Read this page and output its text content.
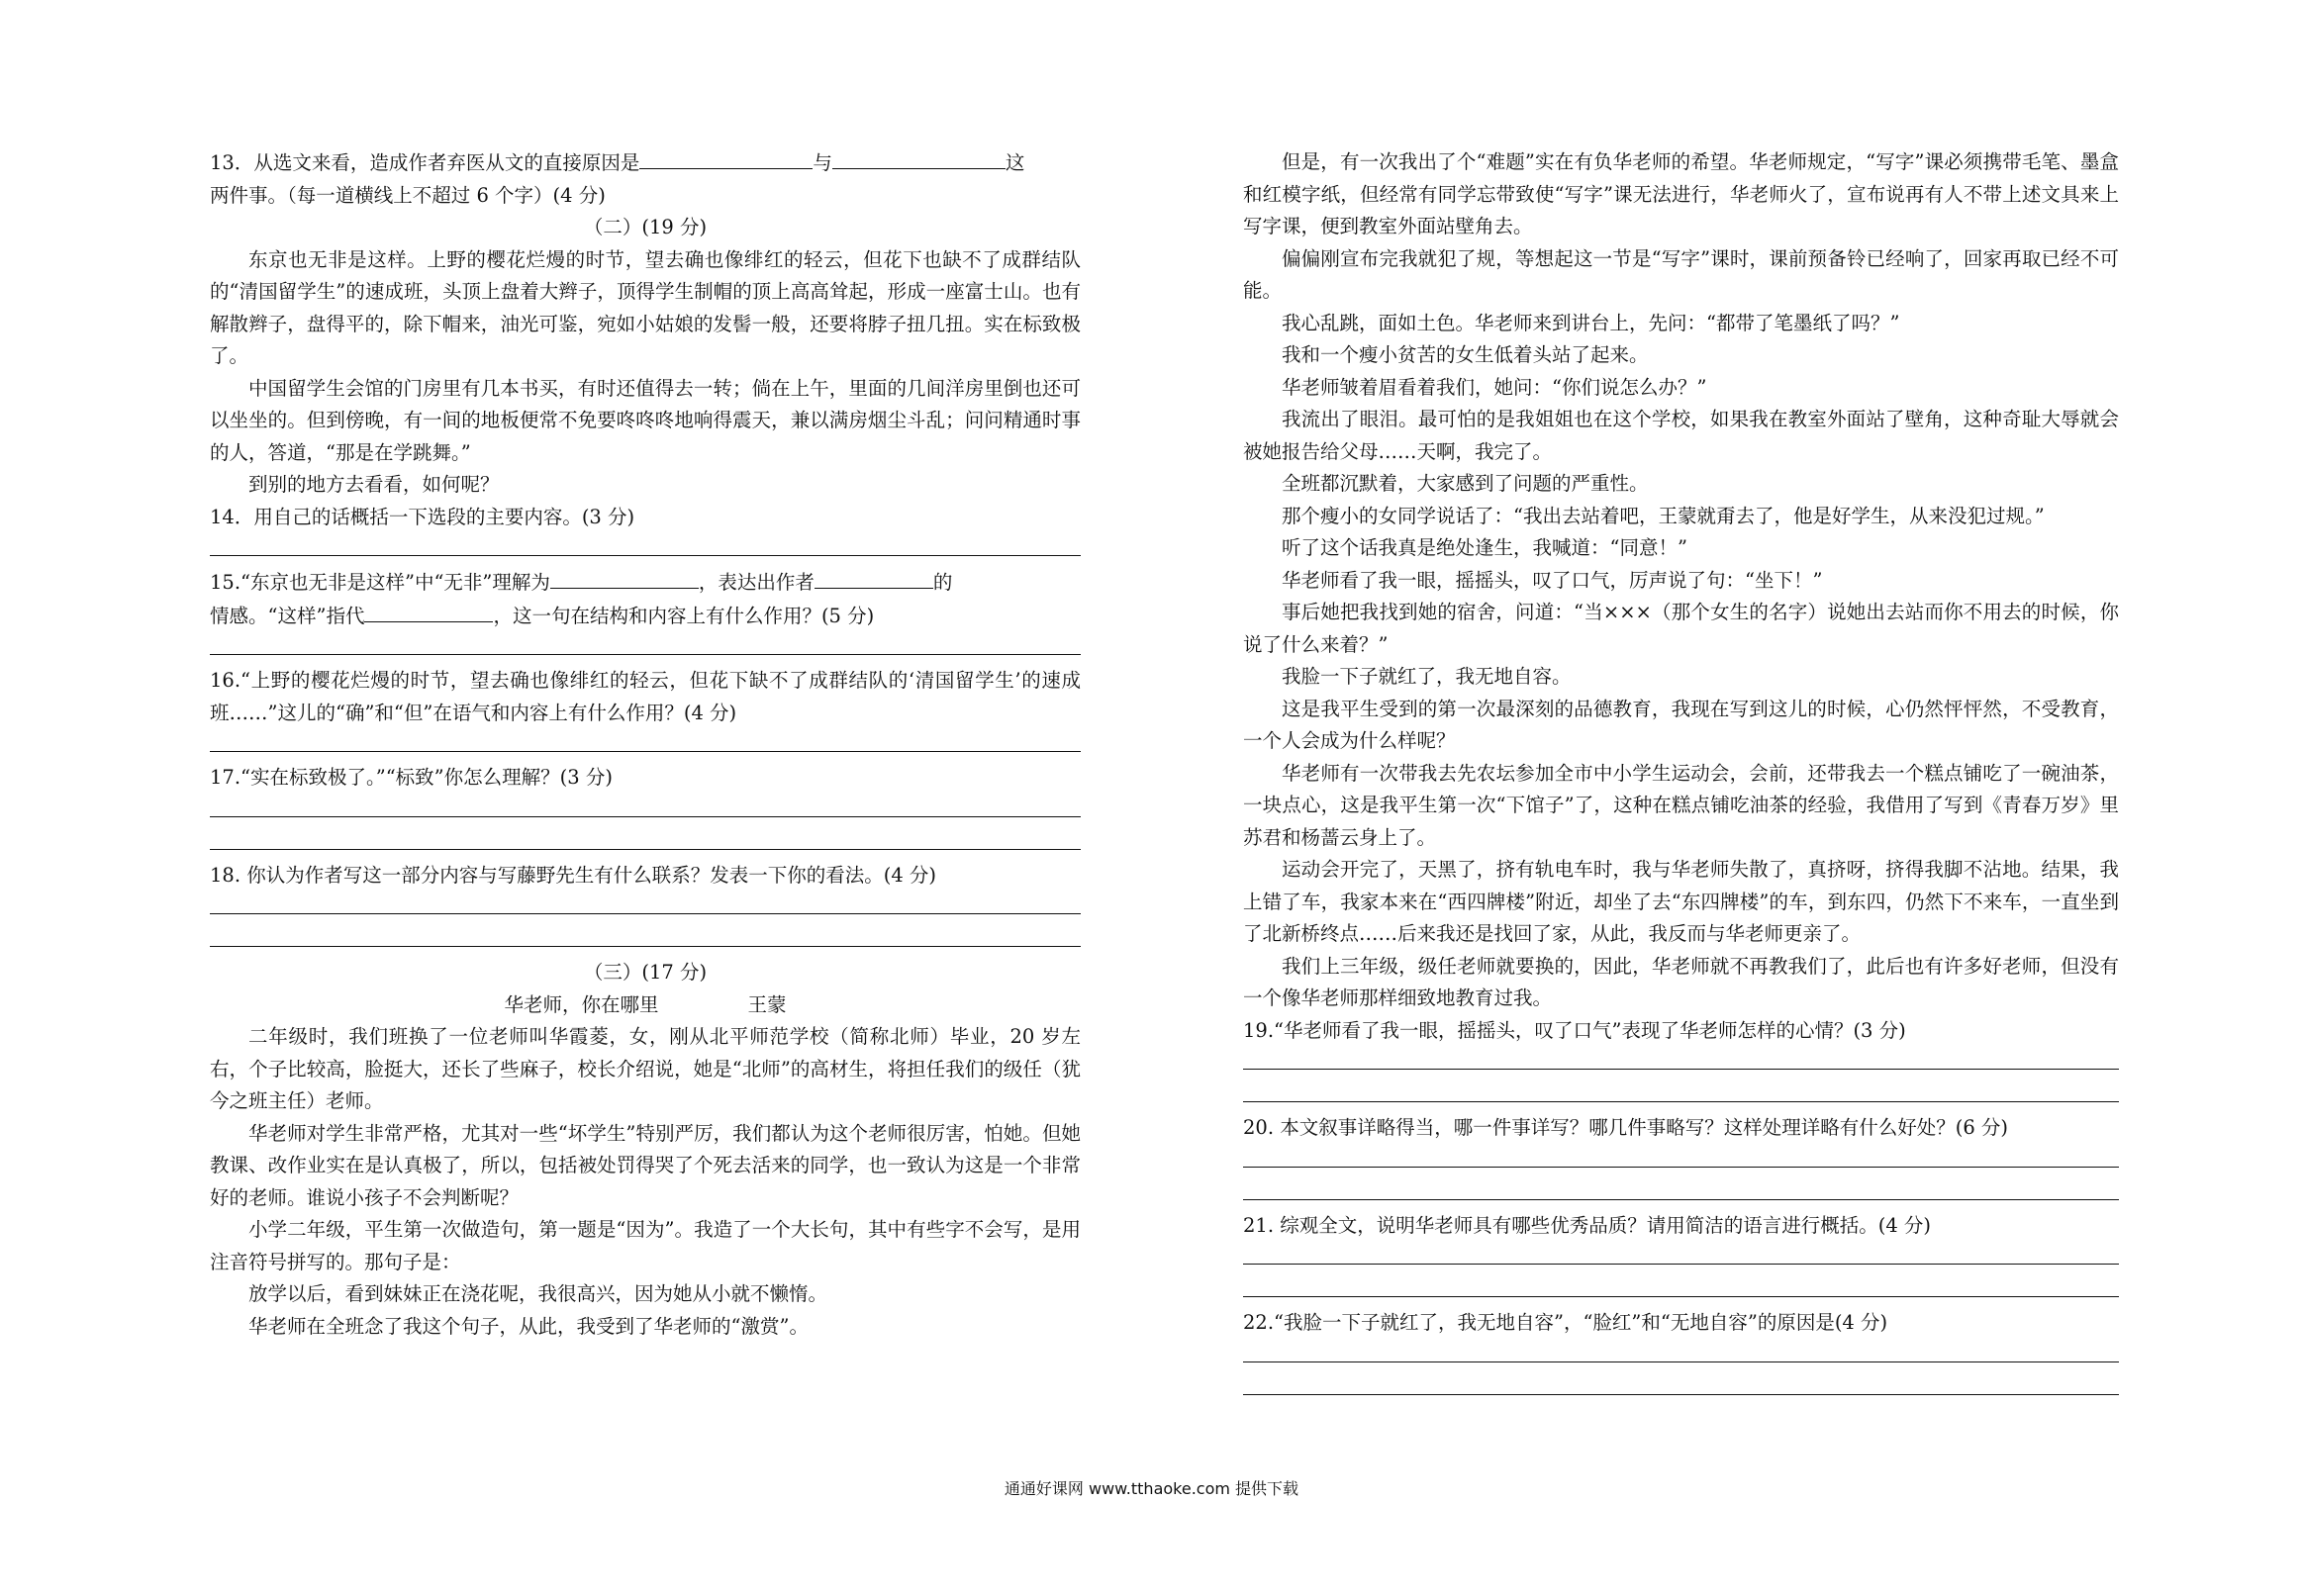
13．从选文来看，造成作者弃医从文的直接原因是	与	这

两件事。（每一道横线上不超过 6 个字）(4 分)

（二）(19 分)

东京也无非是这样。上野的樱花烂熳的时节，望去确也像绯红的轻云，但花下也缺不了成群结队的“清国留学生”的速成班，头顶上盘着大辫子，顶得学生制帽的顶上高高耸起，形成一座富士山。也有解散辫子，盘得平的，除下帽来，油光可鉴，宛如小姑娘的发髻一般，还要将脖子扭几扭。实在标致极了。

中国留学生会馆的门房里有几本书买，有时还值得去一转；倘在上午，里面的几间洋房里倒也还可以坐坐的。但到傍晚，有一间的地板便常不免要咚咚咚地响得震天，兼以满房烟尘斗乱；问问精通时事的人，答道，“那是在学跳舞。”

到别的地方去看看，如何呢？

14．用自己的话概括一下选段的主要内容。(3 分)

15.“东京也无非是这样”中“无非”理解为	，表达出作者	的
情感。“这样”指代	，这一句在结构和内容上有什么作用？(5 分)

16.“上野的樱花烂熳的时节，望去确也像绯红的轻云，但花下缺不了成群结队的‘清国留学生’的速成班……”这儿的“确”和“但”在语气和内容上有什么作用？(4 分)

17.“实在标致极了。”“标致”你怎么理解？(3 分)

18. 你认为作者写这一部分内容与写藤野先生有什么联系？发表一下你的看法。(4 分)

（三）(17 分)

华老师，你在哪里	王蒙

二年级时，我们班换了一位老师叫华霞菱，女，刚从北平师范学校（简称北师）毕业，20 岁左右，个子比较高，脸挺大，还长了些麻子，校长介绍说，她是“北师”的高材生，将担任我们的级任（犹今之班主任）老师。

华老师对学生非常严格，尤其对一些“坏学生”特别严厉，我们都认为这个老师很厉害，怕她。但她教课、改作业实在是认真极了，所以，包括被处罚得哭了个死去活来的同学，也一致认为这是一个非常好的老师。谁说小孩子不会判断呢？

小学二年级，平生第一次做造句，第一题是“因为”。我造了一个大长句，其中有些字不会写，是用注音符号拼写的。那句子是：

放学以后，看到妹妹正在浇花呢，我很高兴，因为她从小就不懒惰。

华老师在全班念了我这个句子，从此，我受到了华老师的“激赏”。

但是，有一次我出了个“难题”实在有负华老师的希望。华老师规定，“写字”课必须携带毛笔、墨盒和红模字纸，但经常有同学忘带致使“写字”课无法进行，华老师火了，宣布说再有人不带上述文具来上写字课，便到教室外面站壁角去。

偏偏刚宣布完我就犯了规，等想起这一节是“写字”课时，课前预备铃已经响了，回家再取已经不可能。

我心乱跳，面如土色。华老师来到讲台上，先问：“都带了笔墨纸了吗？”

我和一个瘦小贫苦的女生低着头站了起来。

华老师皱着眉看着我们，她问：“你们说怎么办？”

我流出了眼泪。最可怕的是我姐姐也在这个学校，如果我在教室外面站了壁角，这种奇耻大辱就会被她报告给父母……天啊，我完了。

全班都沉默着，大家感到了问题的严重性。

那个瘦小的女同学说话了：“我出去站着吧，王蒙就甭去了，他是好学生，从来没犯过规。”

听了这个话我真是绝处逢生，我喊道：“同意！”

华老师看了我一眼，摇摇头，叹了口气，厉声说了句：“坐下！”

事后她把我找到她的宿舍，问道：“当×××（那个女生的名字）说她出去站而你不用去的时候，你说了什么来着？”

我脸一下子就红了，我无地自容。

这是我平生受到的第一次最深刻的品德教育，我现在写到这儿的时候，心仍然怦怦然，不受教育，一个人会成为什么样呢？

华老师有一次带我去先农坛参加全市中小学生运动会，会前，还带我去一个糕点铺吃了一碗油茶，一块点心，这是我平生第一次“下馆子”了，这种在糕点铺吃油茶的经验，我借用了写到《青春万岁》里苏君和杨蔷云身上了。

运动会开完了，天黑了，挤有轨电车时，我与华老师失散了，真挤呀，挤得我脚不沾地。结果，我上错了车，我家本来在“西四牌楼”附近，却坐了去“东四牌楼”的车，到东四，仍然下不来车，一直坐到了北新桥终点……后来我还是找回了家，从此，我反而与华老师更亲了。

我们上三年级，级任老师就要换的，因此，华老师就不再教我们了，此后也有许多好老师，但没有一个像华老师那样细致地教育过我。

19.“华老师看了我一眼，摇摇头，叹了口气”表现了华老师怎样的心情？(3 分)

20. 本文叙事详略得当，哪一件事详写？哪几件事略写？这样处理详略有什么好处？(6 分)

21. 综观全文，说明华老师具有哪些优秀品质？请用简洁的语言进行概括。(4 分)

22.“我脸一下子就红了，我无地自容”，“脸红”和“无地自容”的原因是(4 分)

通通好课网 www.tthaoke.com 提供下载
